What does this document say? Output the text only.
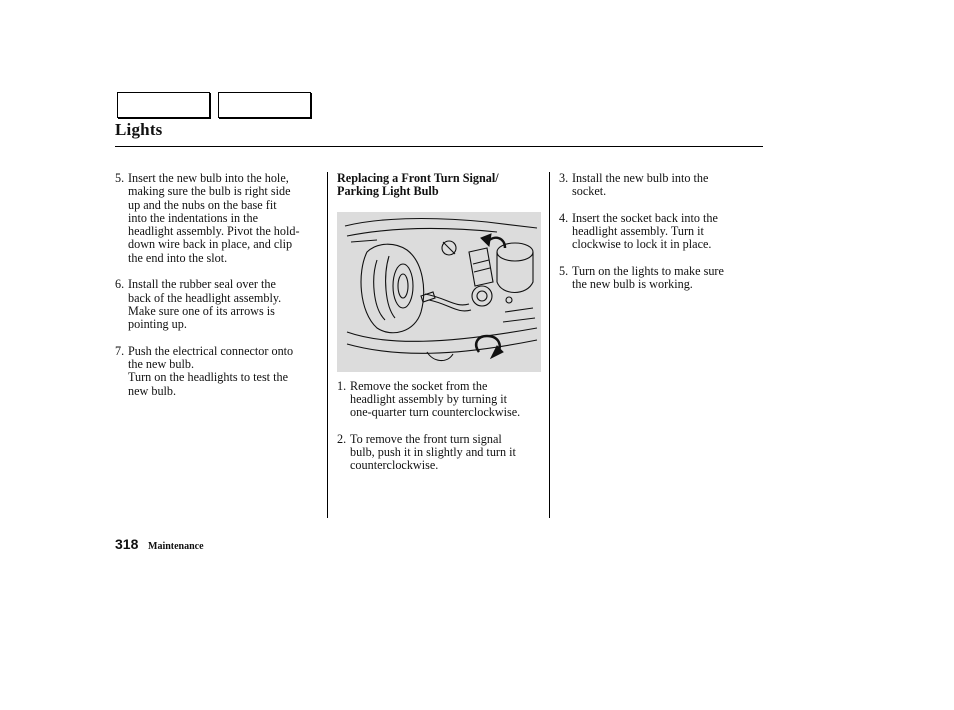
Lights
5. Insert the new bulb into the hole,
making sure the bulb is right side
up and the nubs on the base fit
into the indentations in the
headlight assembly. Pivot the hold-
down wire back in place, and clip
the end into the slot.
6. Install the rubber seal over the
back of the headlight assembly.
Make sure one of its arrows is
pointing up.
7. Push the electrical connector onto
the new bulb.
Turn on the headlights to test the
new bulb.
Replacing a Front Turn Signal/
Parking Light Bulb
1. Remove the socket from the
headlight assembly by turning it
one-quarter turn counterclockwise.
2. To remove the front turn signal
bulb, push it in slightly and turn it
counterclockwise.
3. Install the new bulb into the
socket.
4. Insert the socket back into the
headlight assembly. Turn it
clockwise to lock it in place.
5. Turn on the lights to make sure
the new bulb is working.
318 Maintenance
